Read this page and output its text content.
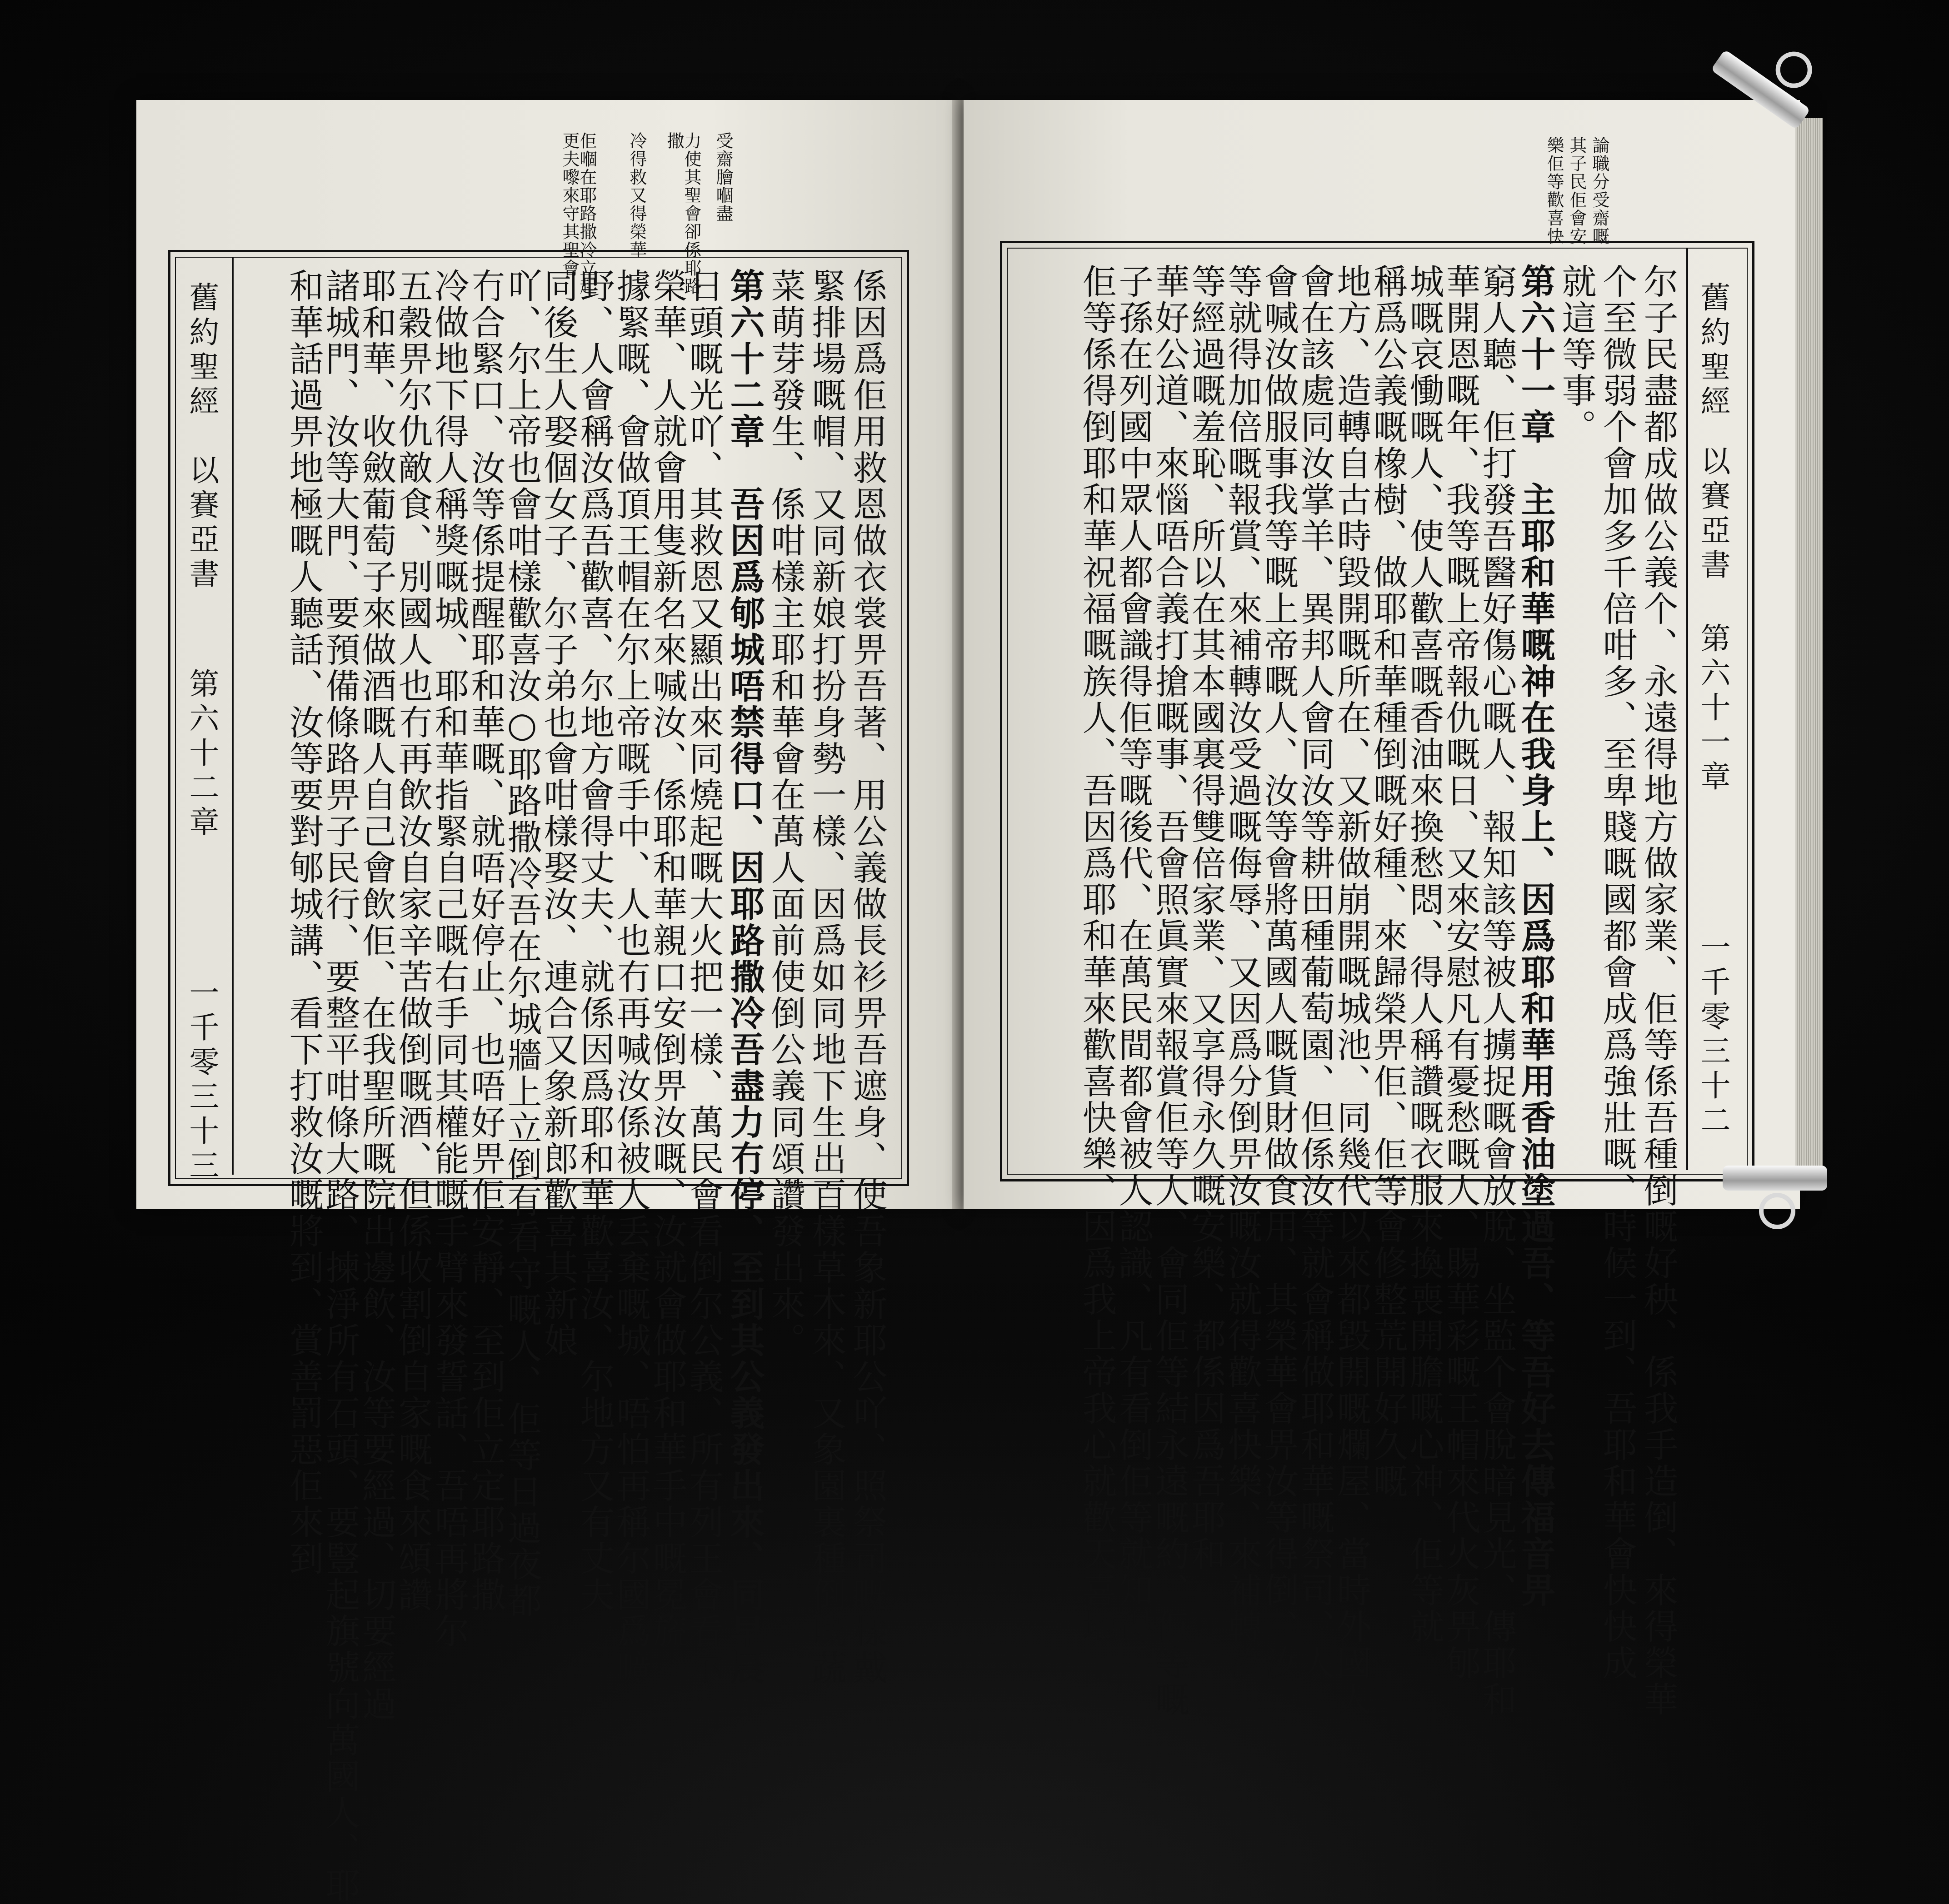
佢嗰在耶路撒冷立起更夫嚟來守其聖會	冷得救又得榮華	力使其聖會卻係耶路撒	受齋膾嗰盡
舊約聖經
以賽亞書
第六十二章
一千零三十三	係因爲佢用救恩做衣裳畀吾著、用公義做長衫畀吾遮身、使吾象新耶公吖、照祭司嘅樣戴
緊排場嘅帽、又同新娘打扮身勢一樣、因爲如同地下生出百樣草木來、又象園裏種倒嘅蔬
菜萌芽發生、係咁樣主耶和華會在萬人面前使倒公義同頌讚發出來。
第六十二章　吾因爲郇城唔禁得口、因耶路撒冷吾盡力冇停、至到其公義發出來、同早晨
日頭嘅光吖、其救恩又顯出來同燒起嘅大火把一樣、萬民會看倒尔公義、所有列王會看尔
榮華、人就會用隻新名來喊汝、係耶和華親口安倒畀汝嘅、汝就會做耶和華手中嘅冕旒
據緊嘅、會做頂王帽在尔上帝嘅手中、人也冇再喊汝係被人丢棄嘅城、唔怕再稱尔國爲曠
野、人會稱汝爲吾歡喜、尔地方會得丈夫、就係因爲耶和華歡喜汝、尔地方又有丈夫
同後生人娶個女子、尔子弟也會咁樣娶汝、連合又象新郎歡喜其新娘
吖、尔上帝也會咁樣歡喜汝○耶路撒冷吾在尔城牆上立倒有看守嘅人、佢等日過夜都
冇合緊口、汝等係提醒耶和華嘅、就唔好停止、也唔好畀佢安靜、至到佢立定耶路撒
冷做地下得人稱獎嘅城、耶和華指緊自己嘅右手同其權能嘅手臂來發誓話、吾唔再將尔
五穀畀尔仇敵食、別國人也冇再飲汝自家辛苦做倒嘅酒、但係收割倒自家嘅食來頌讚
耶和華、收斂葡萄子來做酒嘅人自己會飲佢、在我聖所嘅院出邊飲、汝等要經過、切要經過
諸城門、汝等大門、要預備條路畀子民行、要整平咁條大路、揀淨所有石頭、要豎起旗號向萬國人、耶
和華話過畀地極嘅人聽話、汝等要對郇城講、看下打救汝嘅將到、賞善罰惡佢來到
論職分受齋嘅
其子民佢會安
樂佢等歡喜快
舊約聖經
以賽亞書
第六十一章
一千零三十二
尔子民盡都成做公義个、永遠得地方做家業、佢等係吾種倒嘅好秧、係我手造倒、來得榮華
个至微弱个會加多千倍咁多、至卑賤嘅國都會成爲強壯嘅、時候一到、吾耶和華會快快成
就這等事。
第六十一章　主耶和華嘅神在我身上、因爲耶和華用香油塗過吾、等吾好去傳福音畀
窮人聽、佢打發吾醫好傷心嘅人、報知該等被人擄捉嘅會放脫、坐監个會脫暗見光、傳耶和
華開恩嘅年、我等嘅上帝報仇嘅日、又來安慰凡有憂愁嘅人、賜華彩嘅王帽來代火灰畀郇
城嘅哀慟嘅人、使人歡喜嘅香油來換愁悶、得人稱讚嘅衣服來換喪開膽嘅心神、佢等就
稱爲公義嘅橡樹、做耶和華種倒嘅好種、來歸榮畀佢、佢等會修整荒開好久嘅
地方、造轉自古時毀開嘅所在、又新做崩開嘅城池、同幾代以來都毀開嘅爛屋、當時外國人
會在該處同汝掌羊、異邦人會同汝等耕田種葡萄園、但係汝等就會稱做耶和華嘅祭司、人
會喊汝做服事我等嘅上帝嘅人、汝等會將萬國人嘅貨財做食用、其榮華會畀汝等得倒、汝
等就得加倍嘅報賞、來補轉汝受過嘅侮辱、又因爲分倒畀汝嘅汝就得歡喜快樂、來補轉汝
等經過嘅羞恥、所以在其本國裏得雙倍家業、又享得永久嘅安樂、都係因爲吾耶和
華好公道、來惱唔合義打搶嘅事、吾會照眞實來報賞佢等人、會同佢等結永遠嘅約、佢等嘅
子孫在列國中眾人都會識得佢等嘅後代、在萬民間都會被人認識、凡有看倒佢等就知得
佢等係得倒耶和華祝福嘅族人、吾因爲耶和華來歡喜快樂、因爲我上帝我心就歡天喜地
